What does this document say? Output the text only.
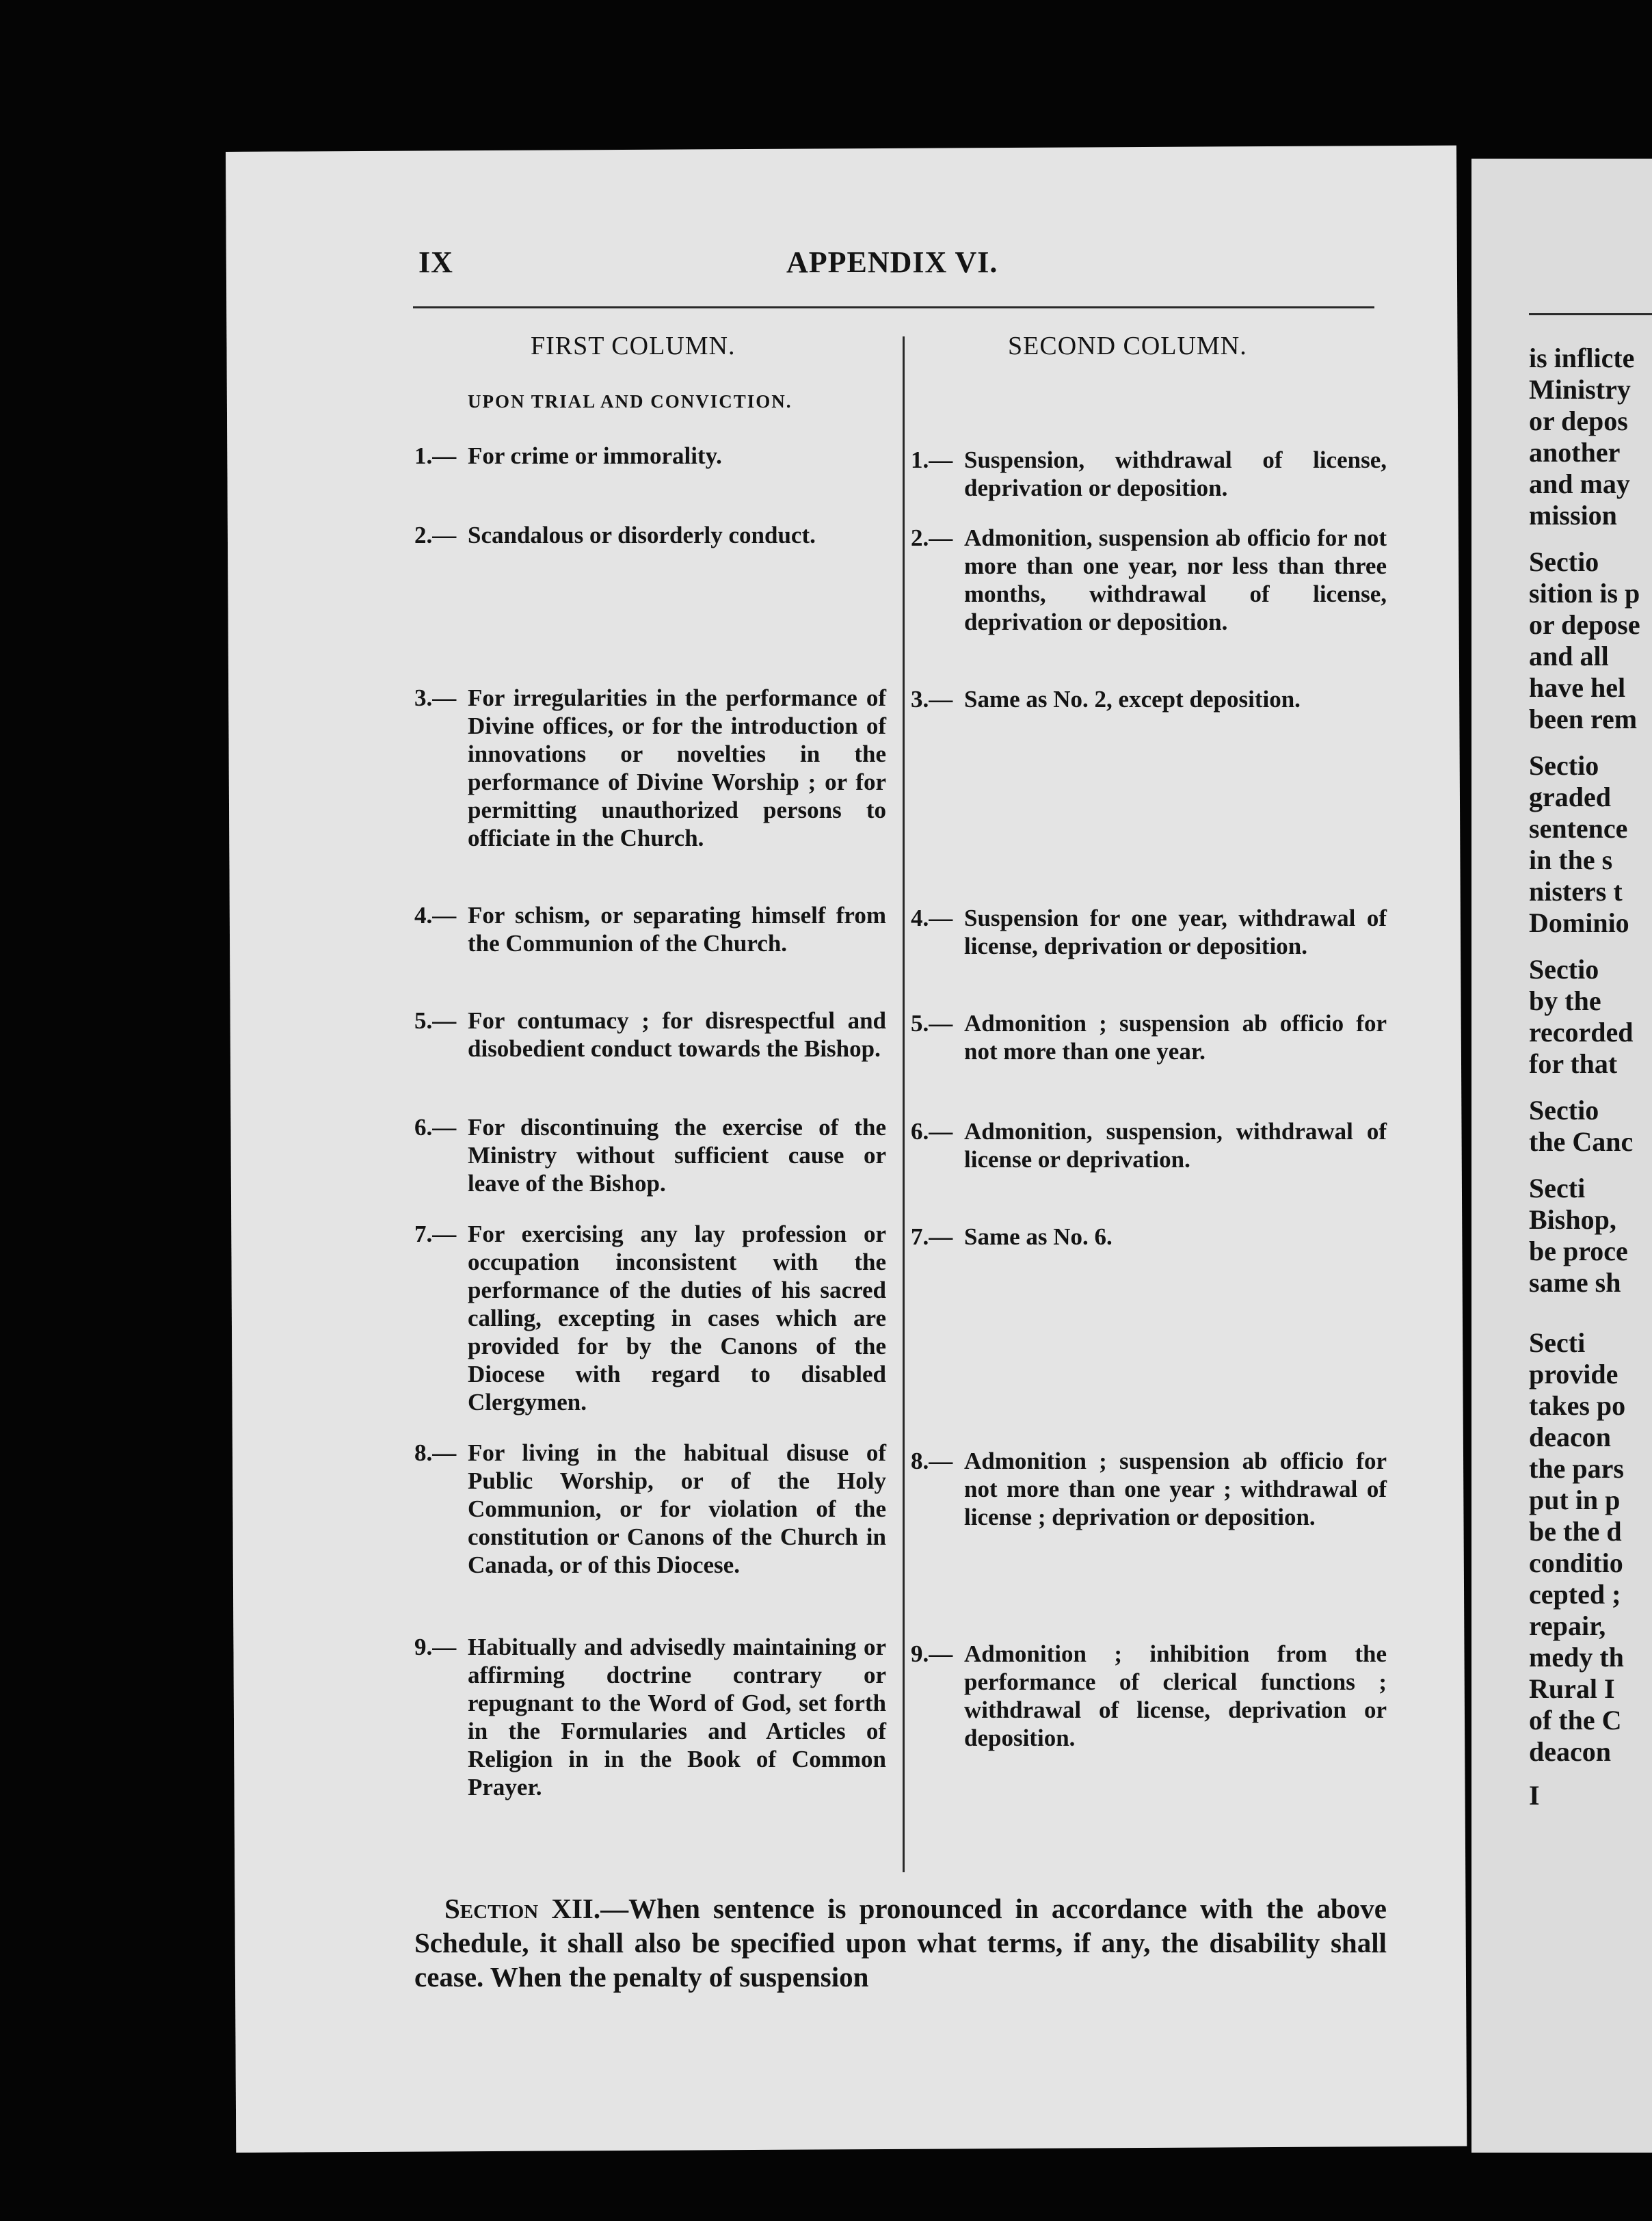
IX	APPENDIX VI.
FIRST COLUMN.	SECOND COLUMN.
UPON TRIAL AND CONVICTION.
1.— For crime or immorality.
2.— Scandalous or disorderly conduct.
3.— For irregularities in the performance of Divine offices, or for the introduction of innovations or novelties in the performance of Divine Worship ; or for permitting unauthorized persons to officiate in the Church.
4.— For schism, or separating himself from the Communion of the Church.
5.— For contumacy ; for disrespectful and disobedient conduct towards the Bishop.
6.— For discontinuing the exercise of the Ministry without sufficient cause or leave of the Bishop.
7.— For exercising any lay profession or occupation inconsistent with the performance of the duties of his sacred calling, excepting in cases which are provided for by the Canons of the Diocese with regard to disabled Clergymen.
8.— For living in the habitual disuse of Public Worship, or of the Holy Communion, or for violation of the constitution or Canons of the Church in Canada, or of this Diocese.
9.— Habitually and advisedly maintaining or affirming doctrine contrary or repugnant to the Word of God, set forth in the Formularies and Articles of Religion in in the Book of Common Prayer.
1.— Suspension, withdrawal of license, deprivation or deposition.
2.— Admonition, suspension ab officio for not more than one year, nor less than three months, withdrawal of license, deprivation or deposition.
3.— Same as No. 2, except deposition.
4.— Suspension for one year, withdrawal of license, deprivation or deposition.
5.— Admonition ; suspension ab officio for not more than one year.
6.— Admonition, suspension, withdrawal of license or deprivation.
7.— Same as No. 6.
8.— Admonition ; suspension ab officio for not more than one year ; withdrawal of license ; deprivation or deposition.
9.— Admonition ; inhibition from the performance of clerical functions ; withdrawal of license, deprivation or deposition.
Section XII.—When sentence is pronounced in accordance with the above Schedule, it shall also be specified upon what terms, if any, the disability shall cease. When the penalty of suspension
is inflicte
Ministry
or depos
another
and may
mission
Sectio
sition is p
or depose
and all
have hel
been rem
Sectio
graded
sentence
in the s
nisters t
Dominio
Sectio
by the
recorded
for that
Sectio
the Canc
Secti
Bishop,
be proce
same sh
Secti
provide
takes po
deacon
the pars
put in p
be the d
conditio
cepted ;
repair,
medy th
Rural I
of the C
deacon
I
